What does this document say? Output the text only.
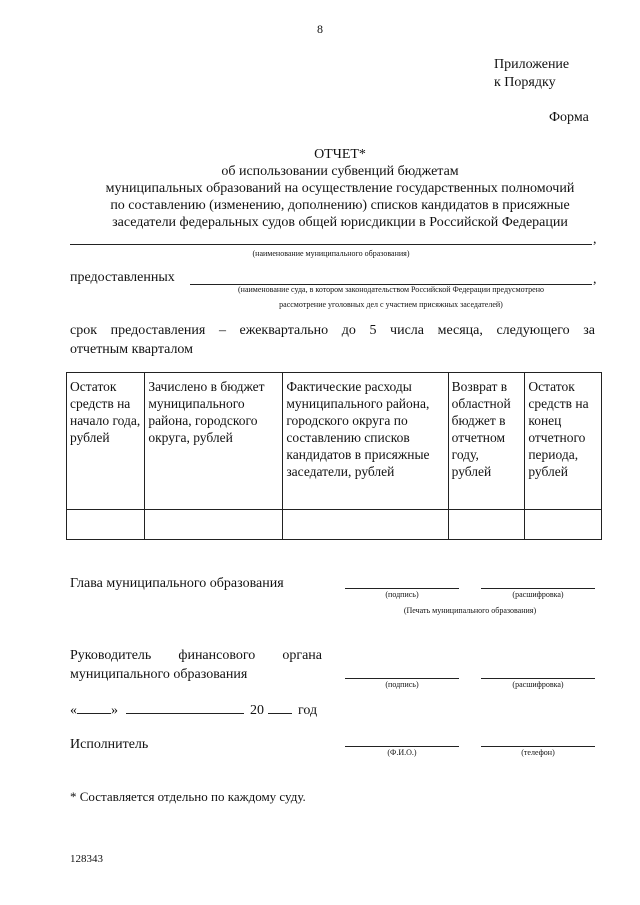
8
Приложение
к Порядку
Форма
ОТЧЕТ*
об использовании субвенций бюджетам
муниципальных образований на осуществление государственных полномочий
по составлению (изменению, дополнению) списков кандидатов в присяжные
заседатели федеральных судов общей юрисдикции в Российской Федерации
,
(наименование муниципального образования)
предоставленных	,
(наименование суда, в котором законодательством Российской Федерации предусмотрено
рассмотрение уголовных дел с участием присяжных заседателей)
срок предоставления – ежеквартально до 5 числа месяца, следующего за
отчетным кварталом
Остаток средств на начало года, рублей	Зачислено в бюджет муниципального района, городского округа, рублей	Фактические расходы муниципального района, городского округа по составлению списков кандидатов в присяжные заседатели, рублей	Возврат в областной бюджет в отчетном году, рублей	Остаток средств на конец отчетного периода, рублей

Глава муниципального образования
(подпись)	(расшифровка)
(Печать муниципального образования)
Руководитель финансового органа
муниципального образования
(подпись)	(расшифровка)
« »	20 год
Исполнитель
(Ф.И.О.)	(телефон)
* Составляется отдельно по каждому суду.
128343
